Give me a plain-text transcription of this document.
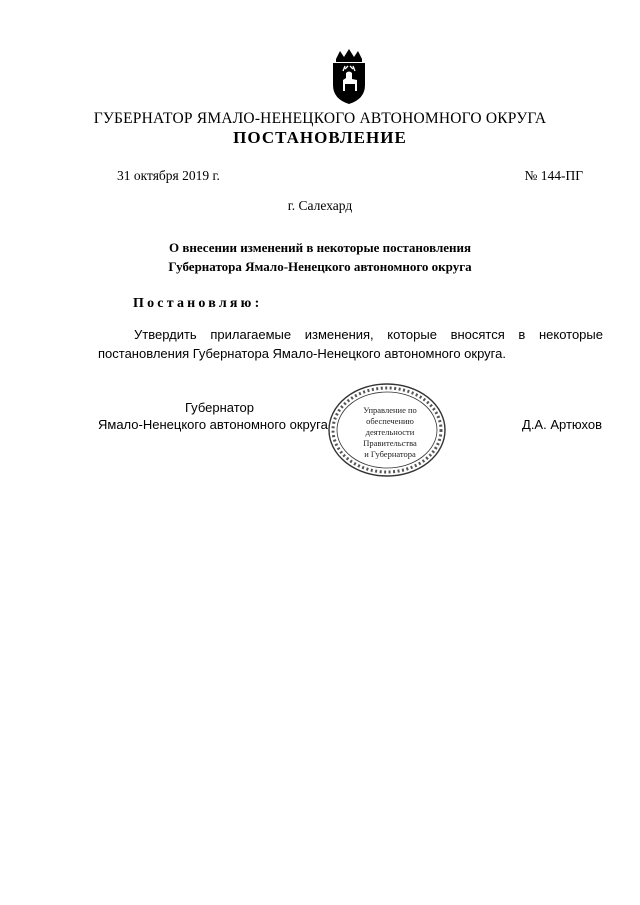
ГУБЕРНАТОР ЯМАЛО-НЕНЕЦКОГО АВТОНОМНОГО ОКРУГА
ПОСТАНОВЛЕНИЕ
31 октября 2019 г.	№ 144-ПГ
г. Салехард
О внесении изменений в некоторые постановления
Губернатора Ямало-Ненецкого автономного округа
Постановляю:
Утвердить прилагаемые изменения, которые вносятся в некоторые постановления Губернатора Ямало-Ненецкого автономного округа.
Губернатор
Ямало-Ненецкого автономного округа	Д.А. Артюхов
Управление по
обеспечению
деятельности
Правительства
и Губернатора
